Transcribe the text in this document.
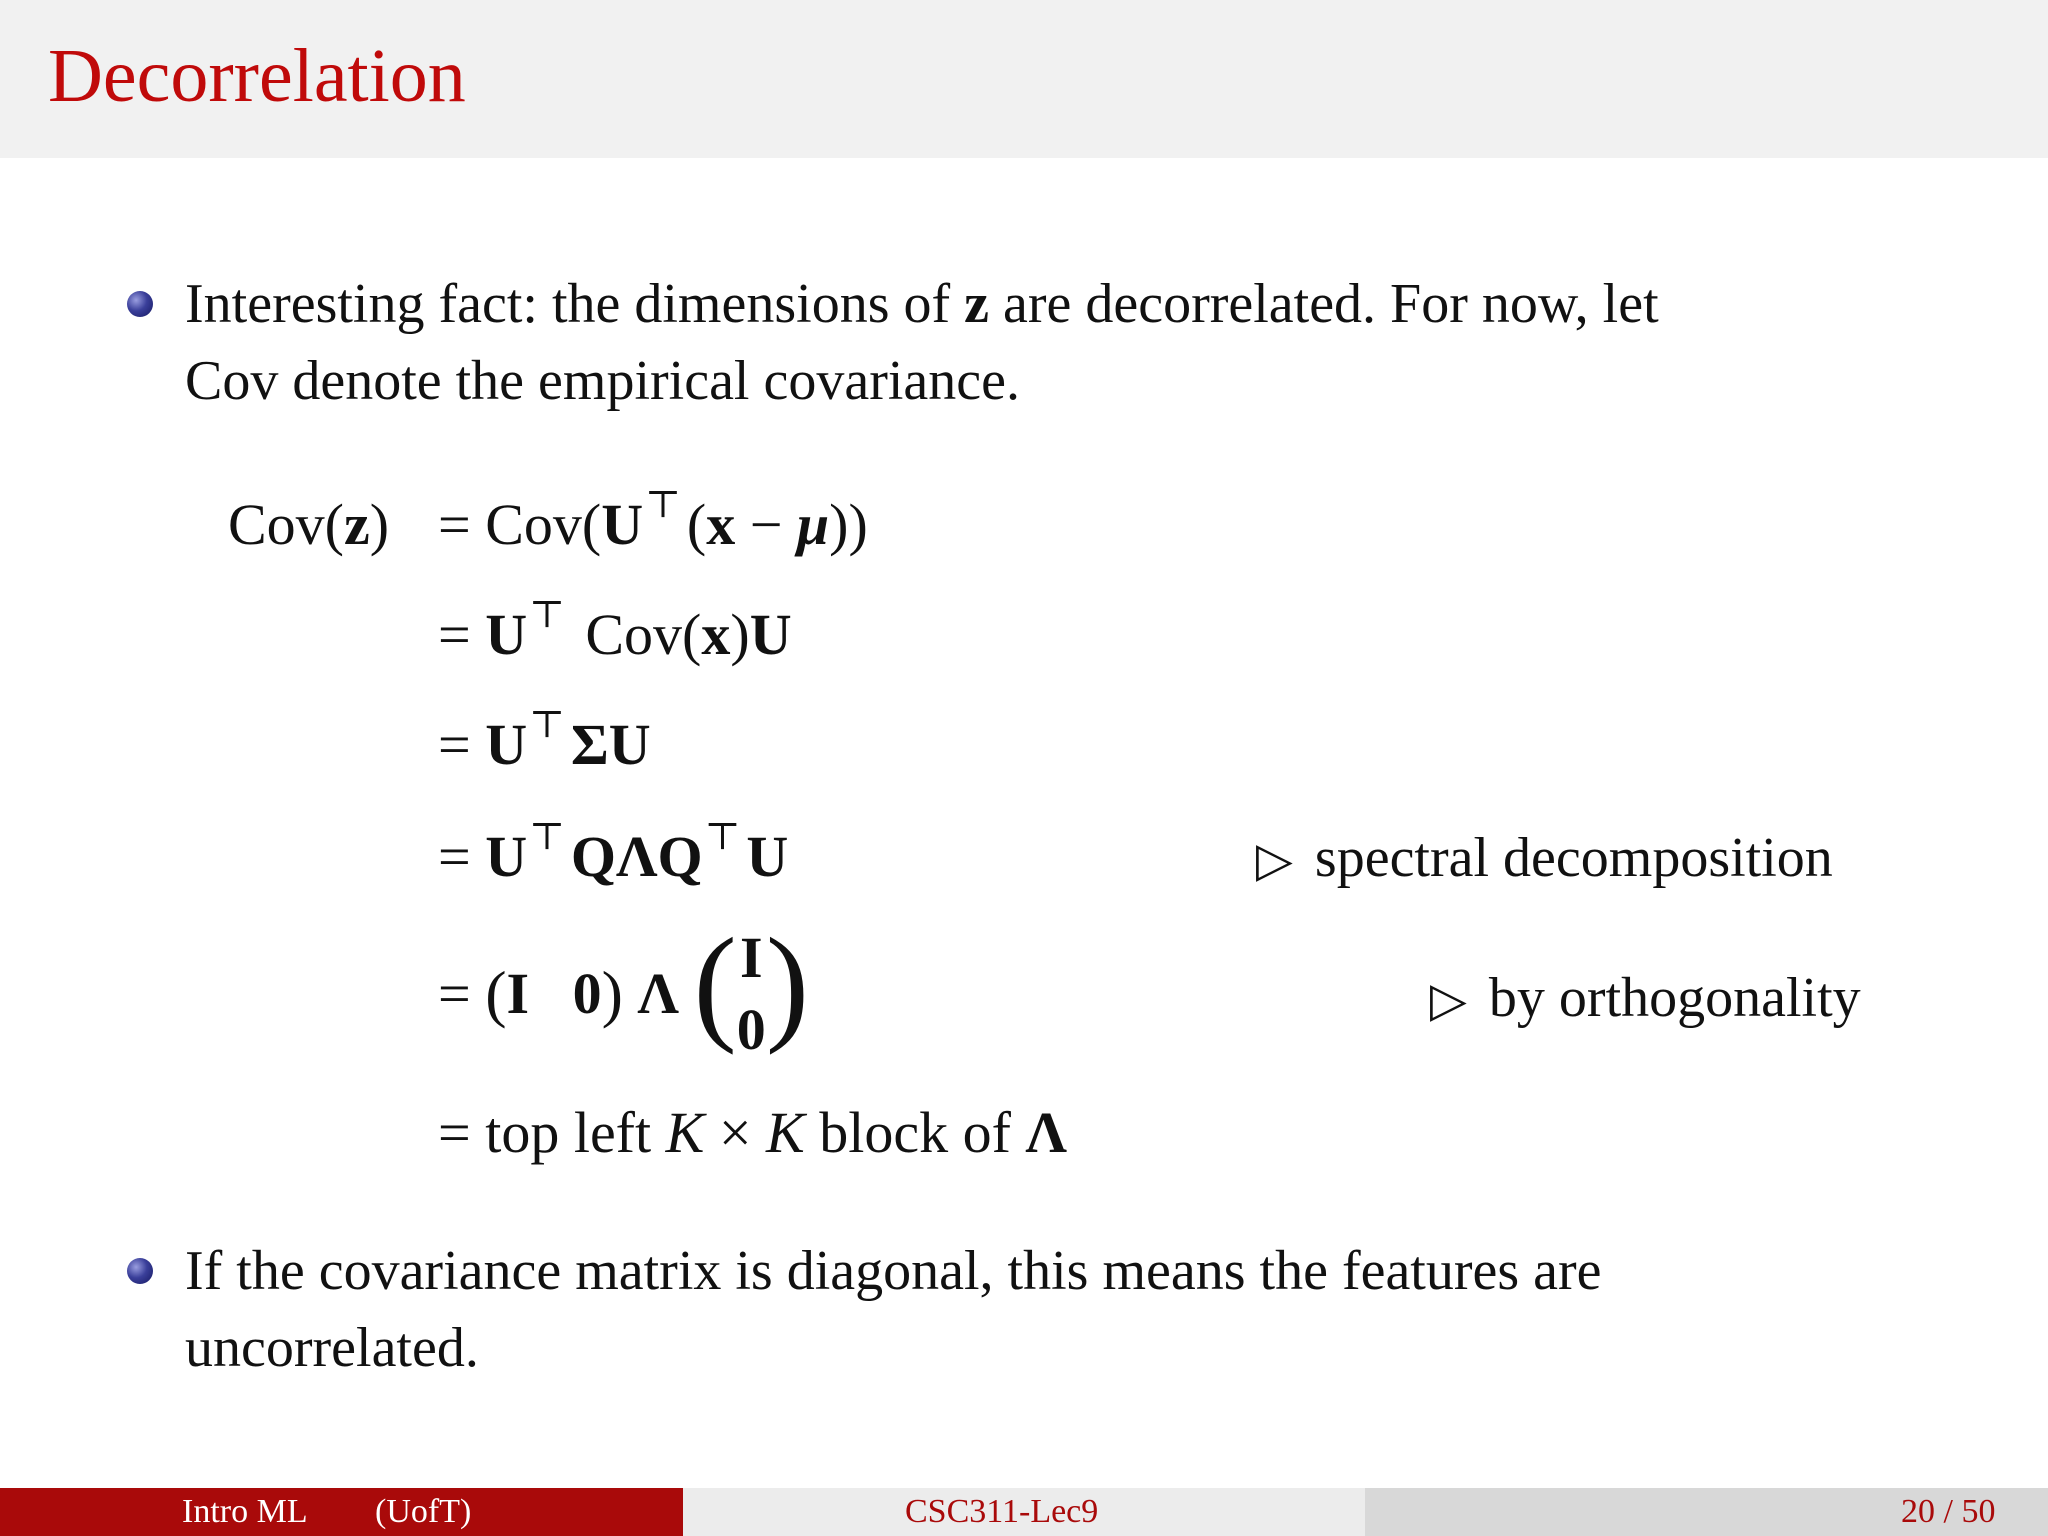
Decorrelation
Interesting fact: the dimensions of z are decorrelated. For now, let
Cov denote the empirical covariance.
Cov(z) = Cov(U⊤ (x − μ))
= U⊤ Cov(x)U
= U⊤ ΣU
= U⊤ QΛQ⊤ U
= (I   0) Λ (I
0)
= top left K × K block of Λ
▷ spectral decomposition
▷ by orthogonality
If the covariance matrix is diagonal, this means the features are
uncorrelated.
Intro ML (UofT)	CSC311-Lec9	20 / 50
